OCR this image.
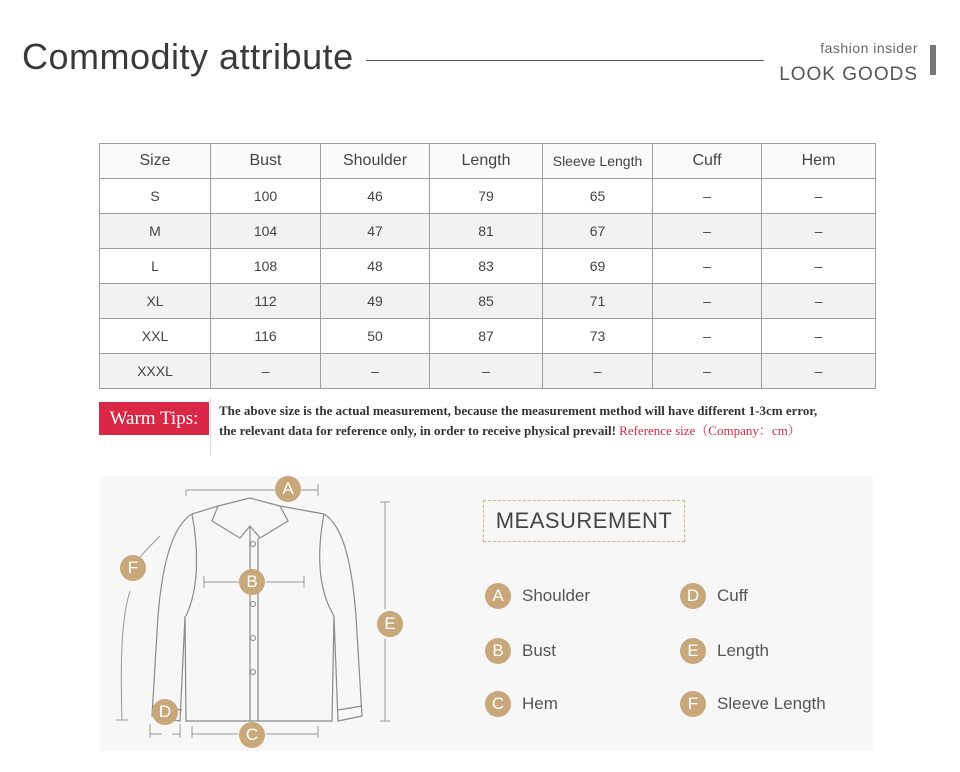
Commodity attribute	fashion insider
LOOK GOODS
Size	Bust	Shoulder	Length	Sleeve Length	Cuff	Hem
S	100	46	79	65	–	–
M	104	47	81	67	–	–
L	108	48	83	69	–	–
XL	112	49	85	71	–	–
XXL	116	50	87	73	–	–
XXXL	–	–	–	–	–	–
Warm Tips:	The above size is the actual measurement, because the measurement method will have different 1-3cm error,
the relevant data for reference only, in order to receive physical prevail! Reference size（Company：cm）
A
B
C
D
E
F
MEASUREMENT
A	Shoulder
B	Bust
C	Hem
D	Cuff
E	Length
F	Sleeve Length
